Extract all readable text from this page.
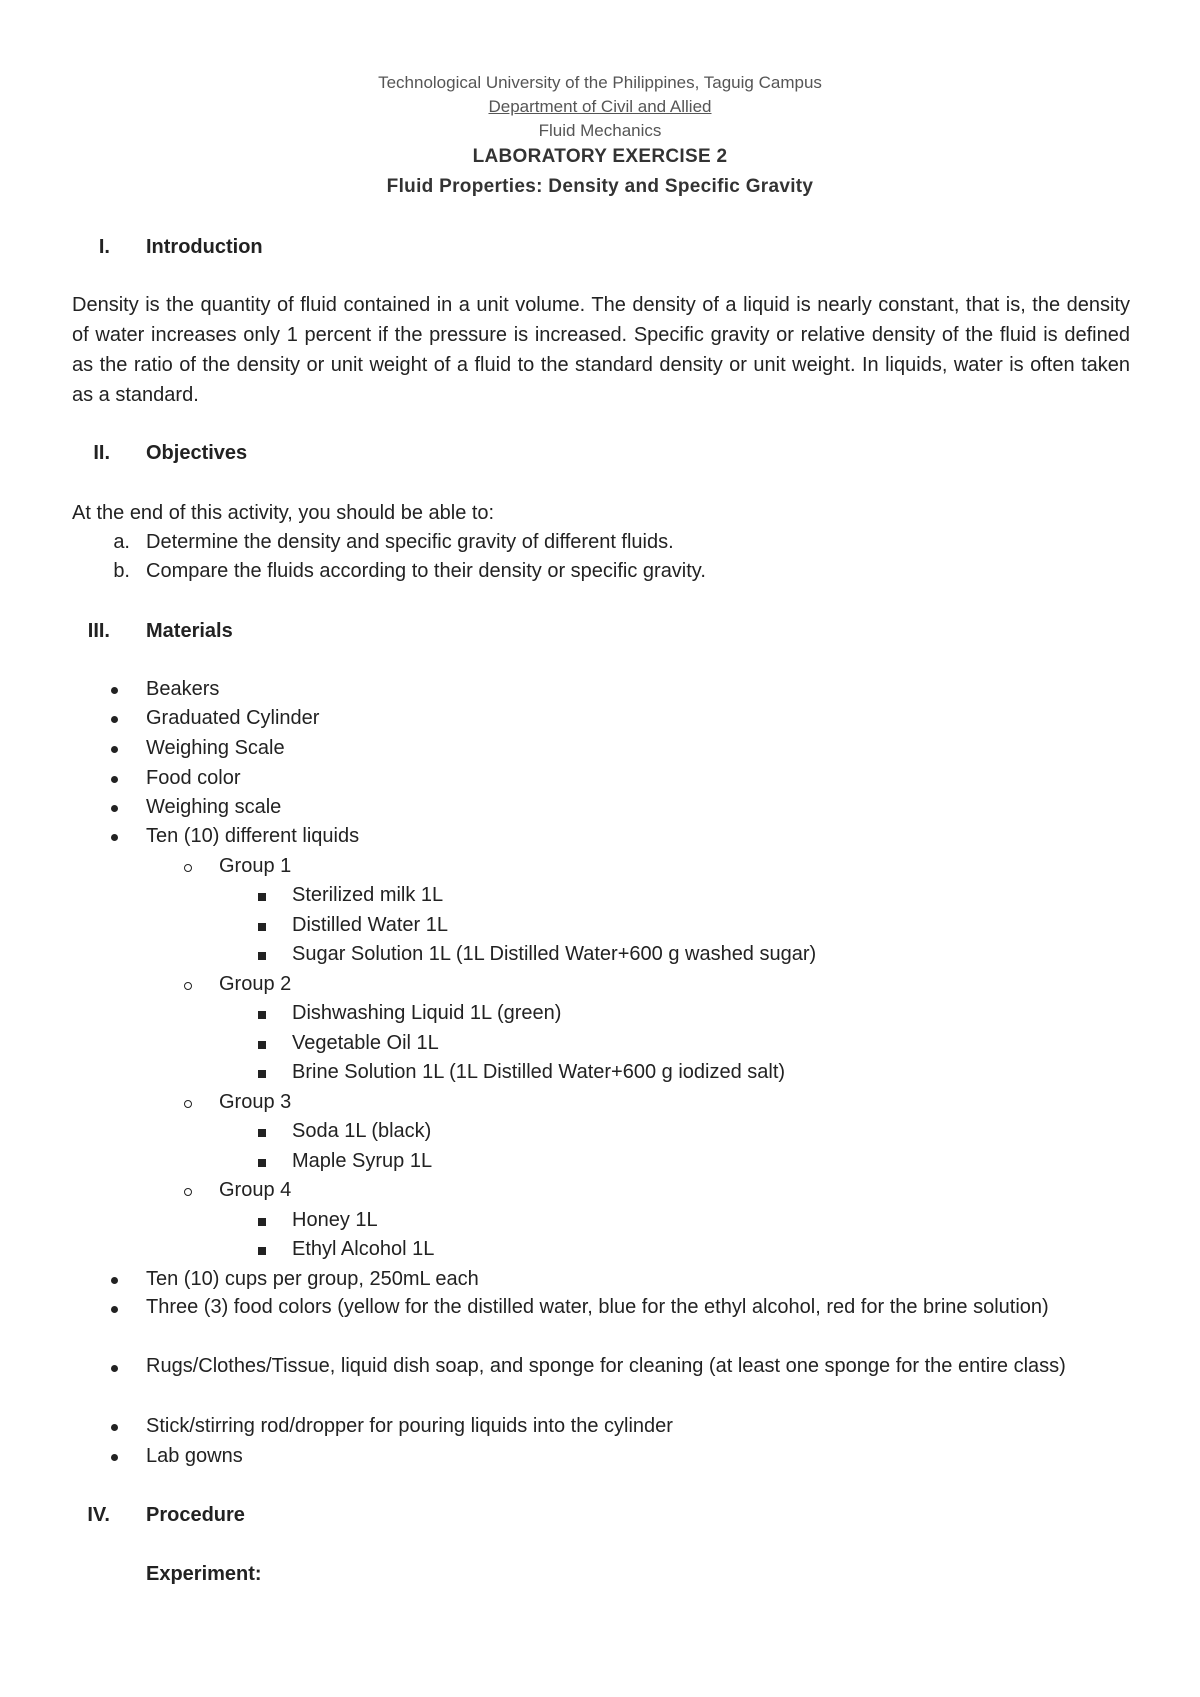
Technological University of the Philippines, Taguig Campus
Department of Civil and Allied
Fluid Mechanics
LABORATORY EXERCISE 2
Fluid Properties: Density and Specific Gravity
I. Introduction
Density is the quantity of fluid contained in a unit volume. The density of a liquid is nearly constant, that is, the density of water increases only 1 percent if the pressure is increased. Specific gravity or relative density of the fluid is defined as the ratio of the density or unit weight of a fluid to the standard density or unit weight. In liquids, water is often taken as a standard.
II. Objectives
At the end of this activity, you should be able to:
a. Determine the density and specific gravity of different fluids.
b. Compare the fluids according to their density or specific gravity.
III. Materials
Beakers
Graduated Cylinder
Weighing Scale
Food color
Weighing scale
Ten (10) different liquids
Group 1
Sterilized milk 1L
Distilled Water 1L
Sugar Solution 1L (1L Distilled Water+600 g washed sugar)
Group 2
Dishwashing Liquid 1L (green)
Vegetable Oil 1L
Brine Solution 1L (1L Distilled Water+600 g iodized salt)
Group 3
Soda 1L (black)
Maple Syrup 1L
Group 4
Honey 1L
Ethyl Alcohol 1L
Ten (10) cups per group, 250mL each
Three (3) food colors (yellow for the distilled water, blue for the ethyl alcohol, red for the brine solution)
Rugs/Clothes/Tissue, liquid dish soap, and sponge for cleaning (at least one sponge for the entire class)
Stick/stirring rod/dropper for pouring liquids into the cylinder
Lab gowns
IV. Procedure
Experiment:
